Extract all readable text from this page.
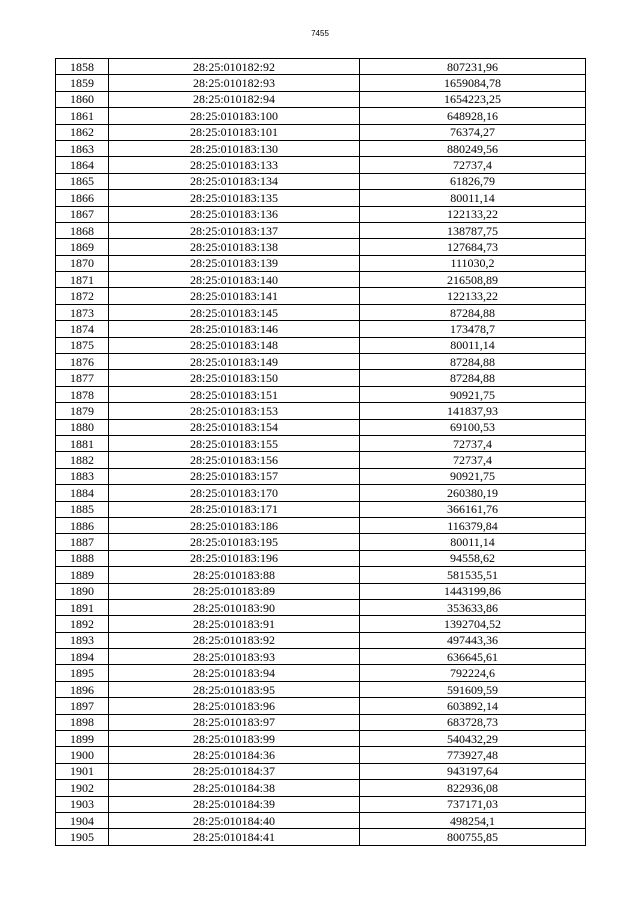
7455
1858	28:25:010182:92	807231,96
1859	28:25:010182:93	1659084,78
1860	28:25:010182:94	1654223,25
1861	28:25:010183:100	648928,16
1862	28:25:010183:101	76374,27
1863	28:25:010183:130	880249,56
1864	28:25:010183:133	72737,4
1865	28:25:010183:134	61826,79
1866	28:25:010183:135	80011,14
1867	28:25:010183:136	122133,22
1868	28:25:010183:137	138787,75
1869	28:25:010183:138	127684,73
1870	28:25:010183:139	111030,2
1871	28:25:010183:140	216508,89
1872	28:25:010183:141	122133,22
1873	28:25:010183:145	87284,88
1874	28:25:010183:146	173478,7
1875	28:25:010183:148	80011,14
1876	28:25:010183:149	87284,88
1877	28:25:010183:150	87284,88
1878	28:25:010183:151	90921,75
1879	28:25:010183:153	141837,93
1880	28:25:010183:154	69100,53
1881	28:25:010183:155	72737,4
1882	28:25:010183:156	72737,4
1883	28:25:010183:157	90921,75
1884	28:25:010183:170	260380,19
1885	28:25:010183:171	366161,76
1886	28:25:010183:186	116379,84
1887	28:25:010183:195	80011,14
1888	28:25:010183:196	94558,62
1889	28:25:010183:88	581535,51
1890	28:25:010183:89	1443199,86
1891	28:25:010183:90	353633,86
1892	28:25:010183:91	1392704,52
1893	28:25:010183:92	497443,36
1894	28:25:010183:93	636645,61
1895	28:25:010183:94	792224,6
1896	28:25:010183:95	591609,59
1897	28:25:010183:96	603892,14
1898	28:25:010183:97	683728,73
1899	28:25:010183:99	540432,29
1900	28:25:010184:36	773927,48
1901	28:25:010184:37	943197,64
1902	28:25:010184:38	822936,08
1903	28:25:010184:39	737171,03
1904	28:25:010184:40	498254,1
1905	28:25:010184:41	800755,85
